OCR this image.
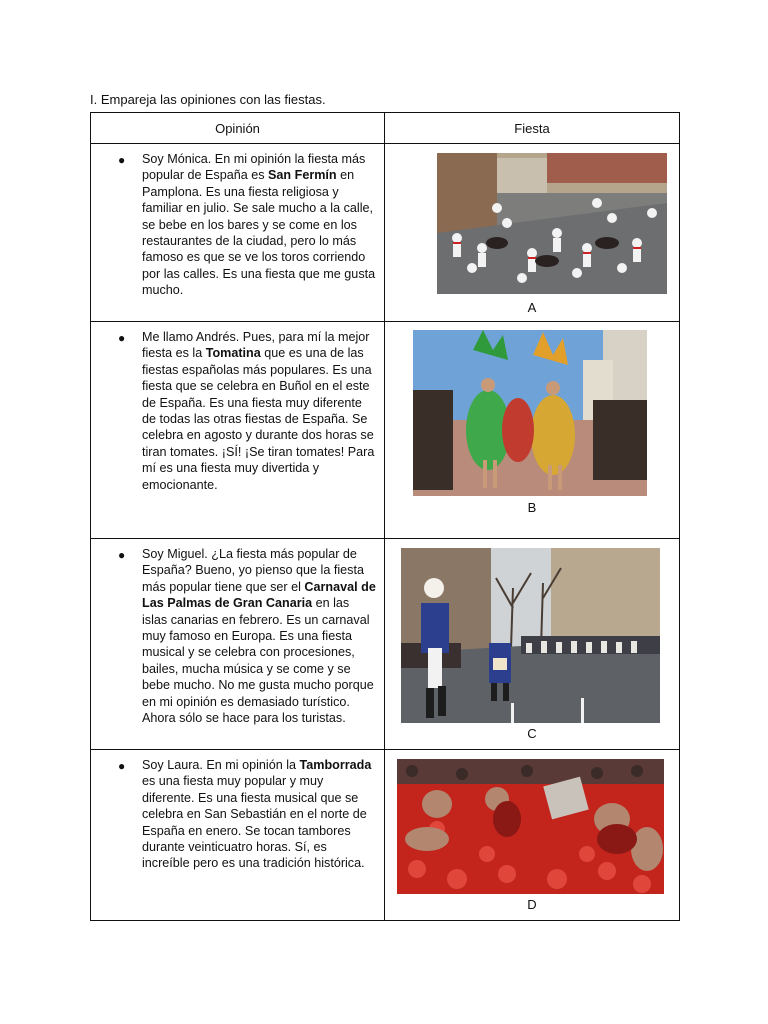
I. Empareja las opiniones con las fiestas.
Opinión	Fiesta

● Soy Mónica. En mi opinión la fiesta más popular de España es San Fermín en Pamplona. Es una fiesta religiosa y familiar en julio. Se sale mucho a la calle, se bebe en los bares y se come en los restaurantes de la ciudad, pero lo más famoso es que se ve los toros corriendo por las calles. Es una fiesta que me gusta mucho.	A

● Me llamo Andrés. Pues, para mí la mejor fiesta es la Tomatina que es una de las fiestas españolas más populares. Es una fiesta que se celebra en Buñol en el este de España. Es una fiesta muy diferente de todas las otras fiestas de España. Se celebra en agosto y durante dos horas se tiran tomates. ¡SÍ! ¡Se tiran tomates! Para mí es una fiesta muy divertida y emocionante.	B

● Soy Miguel. ¿La fiesta más popular de España? Bueno, yo pienso que la fiesta más popular tiene que ser el Carnaval de Las Palmas de Gran Canaria en las islas canarias en febrero. Es un carnaval muy famoso en Europa. Es una fiesta musical y se celebra con procesiones, bailes, mucha música y se come y se bebe mucho. No me gusta mucho porque en mi opinión es demasiado turístico. Ahora sólo se hace para los turistas.	C

● Soy Laura. En mi opinión la Tamborrada es una fiesta muy popular y muy diferente. Es una fiesta musical que se celebra en San Sebastián en el norte de España en enero. Se tocan tambores durante veinticuatro horas. Sí, es increíble pero es una tradición histórica.	D
